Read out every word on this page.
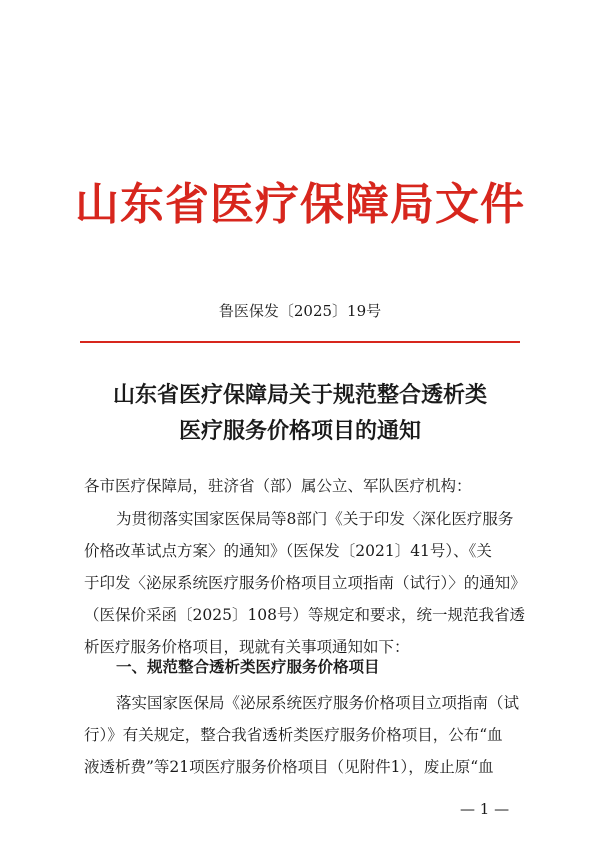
山东省医疗保障局文件
鲁医保发〔2025〕19号
山东省医疗保障局关于规范整合透析类
医疗服务价格项目的通知
各市医疗保障局，驻济省（部）属公立、军队医疗机构：
为贯彻落实国家医保局等8部门《关于印发〈深化医疗服务
价格改革试点方案〉的通知》（医保发〔2021〕41号）、《关
于印发〈泌尿系统医疗服务价格项目立项指南（试行）〉的通知》
（医保价采函〔2025〕108号）等规定和要求，统一规范我省透
析医疗服务价格项目，现就有关事项通知如下：
一、规范整合透析类医疗服务价格项目
落实国家医保局《泌尿系统医疗服务价格项目立项指南（试
行）》有关规定，整合我省透析类医疗服务价格项目，公布“血
液透析费”等21项医疗服务价格项目（见附件1），废止原“血
— 1 —
